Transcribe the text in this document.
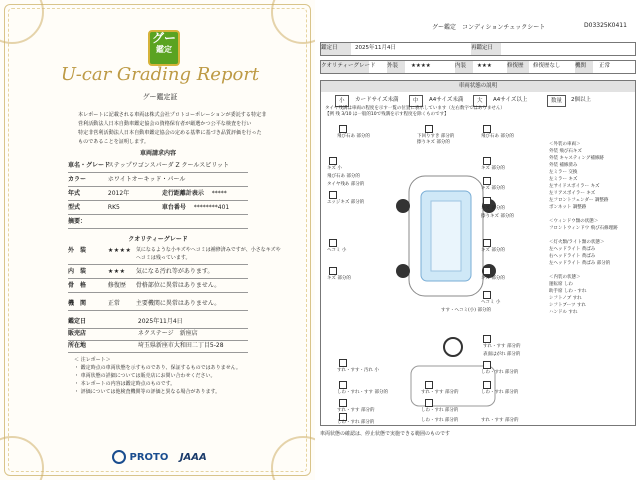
グー
鑑定
U-car Grading Report
グー鑑定証
本レポートに記載される車両は株式会社プロトコーポレーションが委託する特定非
営利活動法人日本自動車鑑定協会の資格保有者が厳選かつ公平な検査を行い
特定非営利活動法人日本自動車鑑定協会の定める基準に基づき品質評価を行った
ものであることを証明します。
車両請求内容
車名・グレード ステップワゴンスパーダ Z クールスピリット
カラー	ホワイトオーキッド・パール
年式	2012年	走行距離計表示 *****
型式	RK5	車台番号 ********401
摘要：
クオリティーグレード
外　装	★★★★ 気になるような小キズやヘコミは補修済みですが、小さなキズや
ヘコミは残っています。
内　装	★★★ 気になる汚れ等があります。
骨　格	修復歴 骨格部位に異常はありません。
機　関	正常	主要機関に異常はありません。
鑑定日	2025年11月4日
販売店	ネクステージ　新座店
所在地	埼玉県新座市大和田二丁目5-28
＜ 注レポート＞
・ 鑑定時点の車両状態を示すものであり、保証するものではありません。
・ 車両状態の詳細については販売店にお問い合わせください。
・ 本レポートの内容は鑑定時点のものです。
・ 評価については他検査機関等の評価と異なる場合があります。
PROTO JAAA
グー鑑定　コンディションチェックシート	D03325K0411
鑑定日	2025年11月4日	再鑑定日
クオリティーグレード 外装	★★★★	内装	★★★	修復歴	修復歴なし	機関	正常
車両状態の説明
小	カードサイズ未満	中	A4サイズ未満	大	A4サイズ以上	数量	2個以上
タイヤ残溝は車両の程度を示す一覧の位置に表示しています（左右数字ではありません）
【例 残 3/10 は一般的10で残溝を示す程度を除くものです】
飛び石あ 部分的	下回りすき 部分的	飛び石あ 部分的
擦りキズ 部分的
キズ 小	キズ 部分的
飛び石あ 部分的
タイヤ残あ 部分的
キズ 部分的
エッジキズ 部分的
キズ 部分的
擦りキズ 部分的
ヘコミ 小	キズ 部分的
キズ 部分的	キズ 部分的
ヘコミ 小
すす・ヘコミ(小) 部分的
すれ・すす 部分的
表面はがれ 部分的
すれ・すす・汚れ 小	しわ・すれ 部分的
しわ・すれ・すす 部分的	すれ・すす 部分的	しわ・すれ 部分的
すれ・すす 部分的	しわ・すれ 部分的
しわ・すれ 部分的	しわ・すれ 部分的	すれ・すす 部分的
＜外装の車両＞
外装 飛び石キズ
外装 キャスティング補修跡
外装 補修済み
左ミラー 交換
左ミラー キズ
左サイドスポイラー キズ
左リアスポイラー キズ
左フロントフェンダー 調整跡
ボンネット 調整跡
＜ウィンドウ類の状態＞
フロントウィンドウ 飛び石修理跡
＜灯火類/ライト類の状態＞
左ヘッドライト 黄ばみ
右ヘッドライト 黄ばみ
左ヘッドライト 黄ばみ 部分的
＜内装の状態＞
運転席 しわ
助手席 しわ・すれ
シフトノブ すれ
シフトブーツ すれ
ハンドル すれ
車両状態の確認は、停止状態で実施できる範囲のものです
